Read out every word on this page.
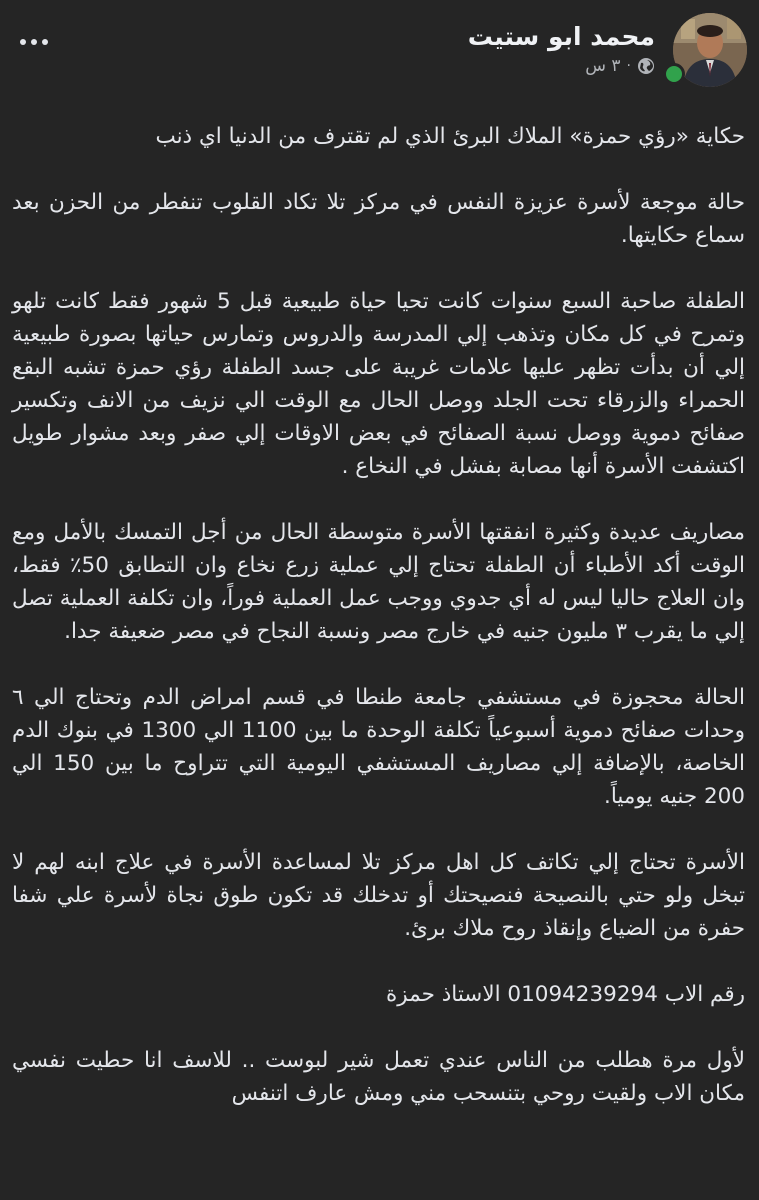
محمد ابو ستيت
٣ س ·

حكاية «رؤي حمزة» الملاك البرئ الذي لم تقترف من الدنيا اي ذنب

حالة موجعة لأسرة عزيزة النفس في مركز تلا تكاد القلوب تنفطر من الحزن بعد سماع حكايتها.

الطفلة صاحبة السبع سنوات كانت تحيا حياة طبيعية قبل 5 شهور فقط كانت تلهو وتمرح في كل مكان وتذهب إلي المدرسة والدروس وتمارس حياتها بصورة طبيعية إلي أن بدأت تظهر عليها علامات غريبة على جسد الطفلة رؤي حمزة تشبه البقع الحمراء والزرقاء تحت الجلد ووصل الحال مع الوقت الي نزيف من الانف وتكسير صفائح دموية ووصل نسبة الصفائح في بعض الاوقات إلي صفر وبعد مشوار طويل اكتشفت الأسرة أنها مصابة بفشل في النخاع .

مصاريف عديدة وكثيرة انفقتها الأسرة متوسطة الحال من أجل التمسك بالأمل ومع الوقت أكد الأطباء أن الطفلة تحتاج إلي عملية زرع نخاع وان التطابق 50٪ فقط، وان العلاج حاليا ليس له أي جدوي ووجب عمل العملية فوراً، وان تكلفة العملية تصل إلي ما يقرب ٣ مليون جنيه في خارج مصر ونسبة النجاح في مصر ضعيفة جدا.

الحالة محجوزة في مستشفي جامعة طنطا في قسم امراض الدم وتحتاج الي ٦ وحدات صفائح دموية أسبوعياً تكلفة الوحدة ما بين 1100 الي 1300 في بنوك الدم الخاصة، بالإضافة إلي مصاريف المستشفي اليومية التي تتراوح ما بين 150 الي 200 جنيه يومياً.

الأسرة تحتاج إلي تكاتف كل اهل مركز تلا لمساعدة الأسرة في علاج ابنه لهم لا تبخل ولو حتي بالنصيحة فنصيحتك أو تدخلك قد تكون طوق نجاة لأسرة علي شفا حفرة من الضياع وإنقاذ روح ملاك برئ.

رقم الاب 01094239294 الاستاذ حمزة

لأول مرة هطلب من الناس عندي تعمل شير لبوست .. للاسف انا حطيت نفسي مكان الاب ولقيت روحي بتنسحب مني ومش عارف اتنفس
